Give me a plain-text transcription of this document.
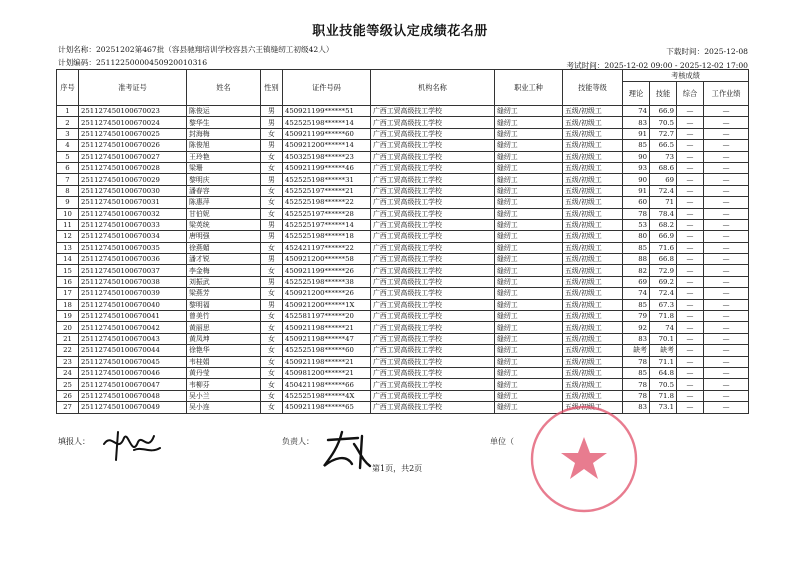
职业技能等级认定成绩花名册
计划名称：20251202第467批（容县驰翔培训学校容县六王镇缝纫工初级42人）
计划编码：25112250000450920010316
下载时间：2025-12-08
考试时间：2025-12-02 09:00 - 2025-12-02 17:00
序号	准考证号	姓名	性别	证件号码	机构名称	职业工种	技能等级	考核成绩			
								理论	技能	综合	工作业绩
1	251127450100670023	陈俊运	男	450921199******51	广西工贸高级技工学校	缝纫工	五级/初级工	74	66.9	—	—
2	251127450100670024	黎华生	男	452525198******14	广西工贸高级技工学校	缝纫工	五级/初级工	83	70.5	—	—
3	251127450100670025	封海梅	女	450921199******60	广西工贸高级技工学校	缝纫工	五级/初级工	91	72.7	—	—
4	251127450100670026	陈俊旭	男	450921200******14	广西工贸高级技工学校	缝纫工	五级/初级工	85	66.5	—	—
5	251127450100670027	王玲艳	女	450325198******23	广西工贸高级技工学校	缝纫工	五级/初级工	90	73	—	—
6	251127450100670028	梁珊	女	450921199******46	广西工贸高级技工学校	缝纫工	五级/初级工	93	68.6	—	—
7	251127450100670029	黎明庆	男	452525198******31	广西工贸高级技工学校	缝纫工	五级/初级工	90	69	—	—
8	251127450100670030	潘春容	女	452525197******21	广西工贸高级技工学校	缝纫工	五级/初级工	91	72.4	—	—
9	251127450100670031	陈惠萍	女	452525198******22	广西工贸高级技工学校	缝纫工	五级/初级工	60	71	—	—
10	251127450100670032	甘伯妮	女	452525197******28	广西工贸高级技工学校	缝纫工	五级/初级工	78	78.4	—	—
11	251127450100670033	梁英统	男	452525197******14	广西工贸高级技工学校	缝纫工	五级/初级工	53	68.2	—	—
12	251127450100670034	唐明强	男	452525198******18	广西工贸高级技工学校	缝纫工	五级/初级工	80	66.9	—	—
13	251127450100670035	徐燕媚	女	452421197******22	广西工贸高级技工学校	缝纫工	五级/初级工	85	71.6	—	—
14	251127450100670036	潘才锐	男	450921200******58	广西工贸高级技工学校	缝纫工	五级/初级工	88	66.8	—	—
15	251127450100670037	李金梅	女	450921199******26	广西工贸高级技工学校	缝纫工	五级/初级工	82	72.9	—	—
16	251127450100670038	刘振武	男	452525198******38	广西工贸高级技工学校	缝纫工	五级/初级工	69	69.2	—	—
17	251127450100670039	梁燕芳	女	450921200******26	广西工贸高级技工学校	缝纫工	五级/初级工	74	72.4	—	—
18	251127450100670040	黎明福	男	450921200******1X	广西工贸高级技工学校	缝纫工	五级/初级工	85	67.3	—	—
19	251127450100670041	曾美竹	女	452581197******20	广西工贸高级技工学校	缝纫工	五级/初级工	79	71.8	—	—
20	251127450100670042	黄丽思	女	450921198******21	广西工贸高级技工学校	缝纫工	五级/初级工	92	74	—	—
21	251127450100670043	黄凤坤	女	450921198******47	广西工贸高级技工学校	缝纫工	五级/初级工	83	70.1	—	—
22	251127450100670044	徐艳华	女	452525198******60	广西工贸高级技工学校	缝纫工	五级/初级工	缺考	缺考	—	—
23	251127450100670045	韦桂娟	女	450921198******21	广西工贸高级技工学校	缝纫工	五级/初级工	78	71.1	—	—
24	251127450100670046	黄丹莹	女	450981200******21	广西工贸高级技工学校	缝纫工	五级/初级工	85	64.8	—	—
25	251127450100670047	韦柳芬	女	450421198******66	广西工贸高级技工学校	缝纫工	五级/初级工	78	70.5	—	—
26	251127450100670048	吴小兰	女	452525198******4X	广西工贸高级技工学校	缝纫工	五级/初级工	78	71.8	—	—
27	251127450100670049	吴小连	女	450921198******65	广西工贸高级技工学校	缝纫工	五级/初级工	83	73.1	—	—
填报人：	负责人：	单位（
第1页，共2页
